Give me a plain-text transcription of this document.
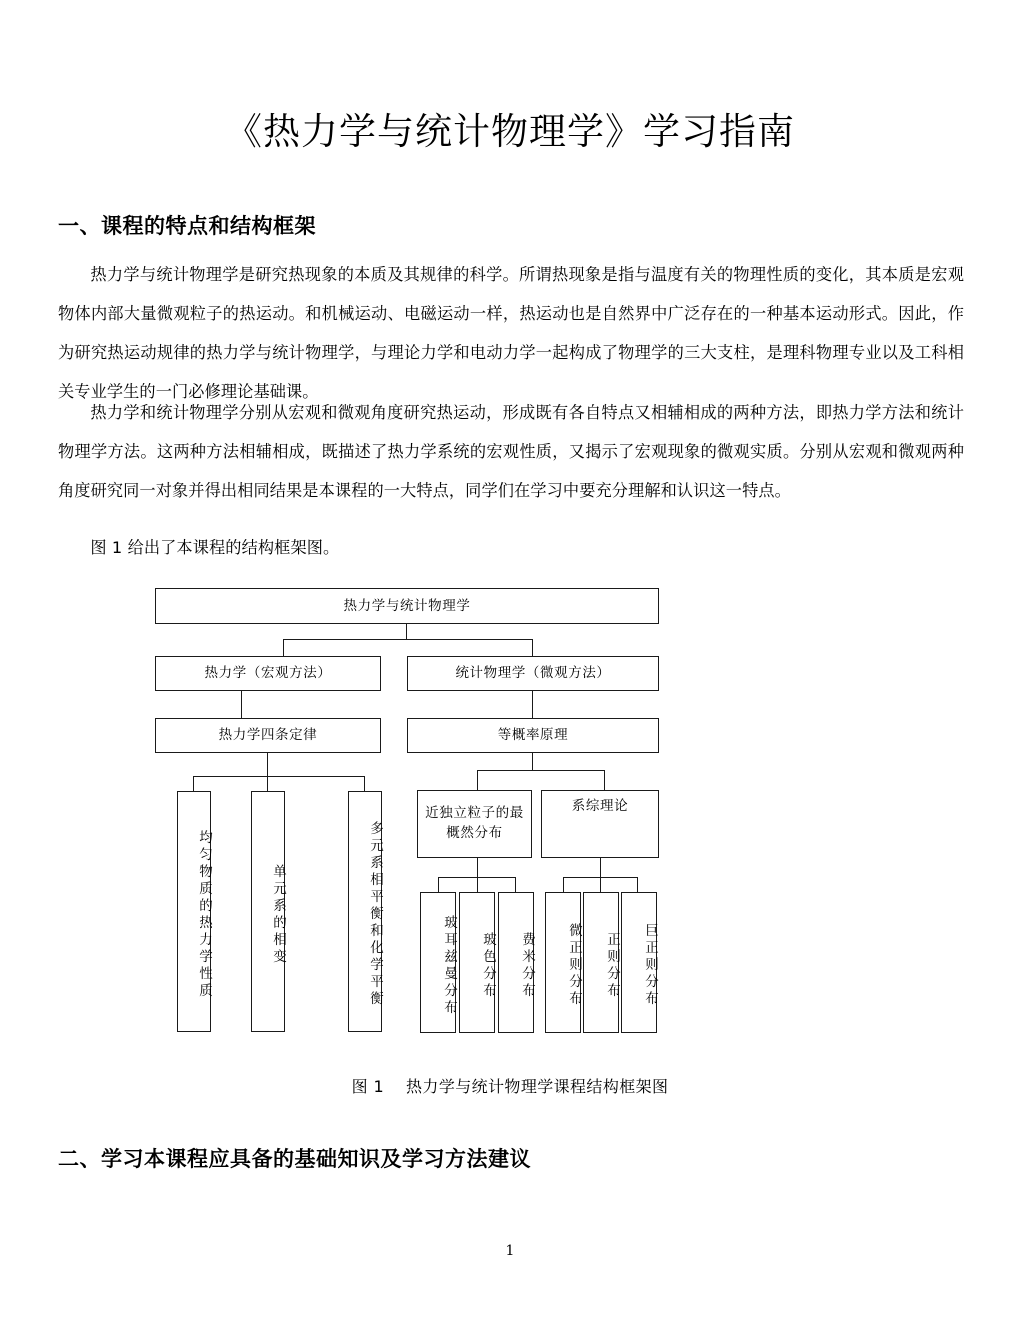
《热力学与统计物理学》学习指南
一、课程的特点和结构框架
热力学与统计物理学是研究热现象的本质及其规律的科学。所谓热现象是指与温度有关的物理性质的变化，其本质是宏观物体内部大量微观粒子的热运动。和机械运动、电磁运动一样，热运动也是自然界中广泛存在的一种基本运动形式。因此，作为研究热运动规律的热力学与统计物理学，与理论力学和电动力学一起构成了物理学的三大支柱，是理科物理专业以及工科相关专业学生的一门必修理论基础课。
热力学和统计物理学分别从宏观和微观角度研究热运动，形成既有各自特点又相辅相成的两种方法，即热力学方法和统计物理学方法。这两种方法相辅相成，既描述了热力学系统的宏观性质，又揭示了宏观现象的微观实质。分别从宏观和微观两种角度研究同一对象并得出相同结果是本课程的一大特点，同学们在学习中要充分理解和认识这一特点。
图 1 给出了本课程的结构框架图。
热力学与统计物理学
热力学（宏观方法）	统计物理学（微观方法）
热力学四条定律	等概率原理
均匀物质的热力学性质	单元系的相变	多元系相平衡和化学平衡
近独立粒子的最概然分布
系综理论
玻耳兹曼分布	玻色分布	费米分布	微正则分布	正则分布	巨正则分布
图 1 热力学与统计物理学课程结构框架图
二、学习本课程应具备的基础知识及学习方法建议
1
